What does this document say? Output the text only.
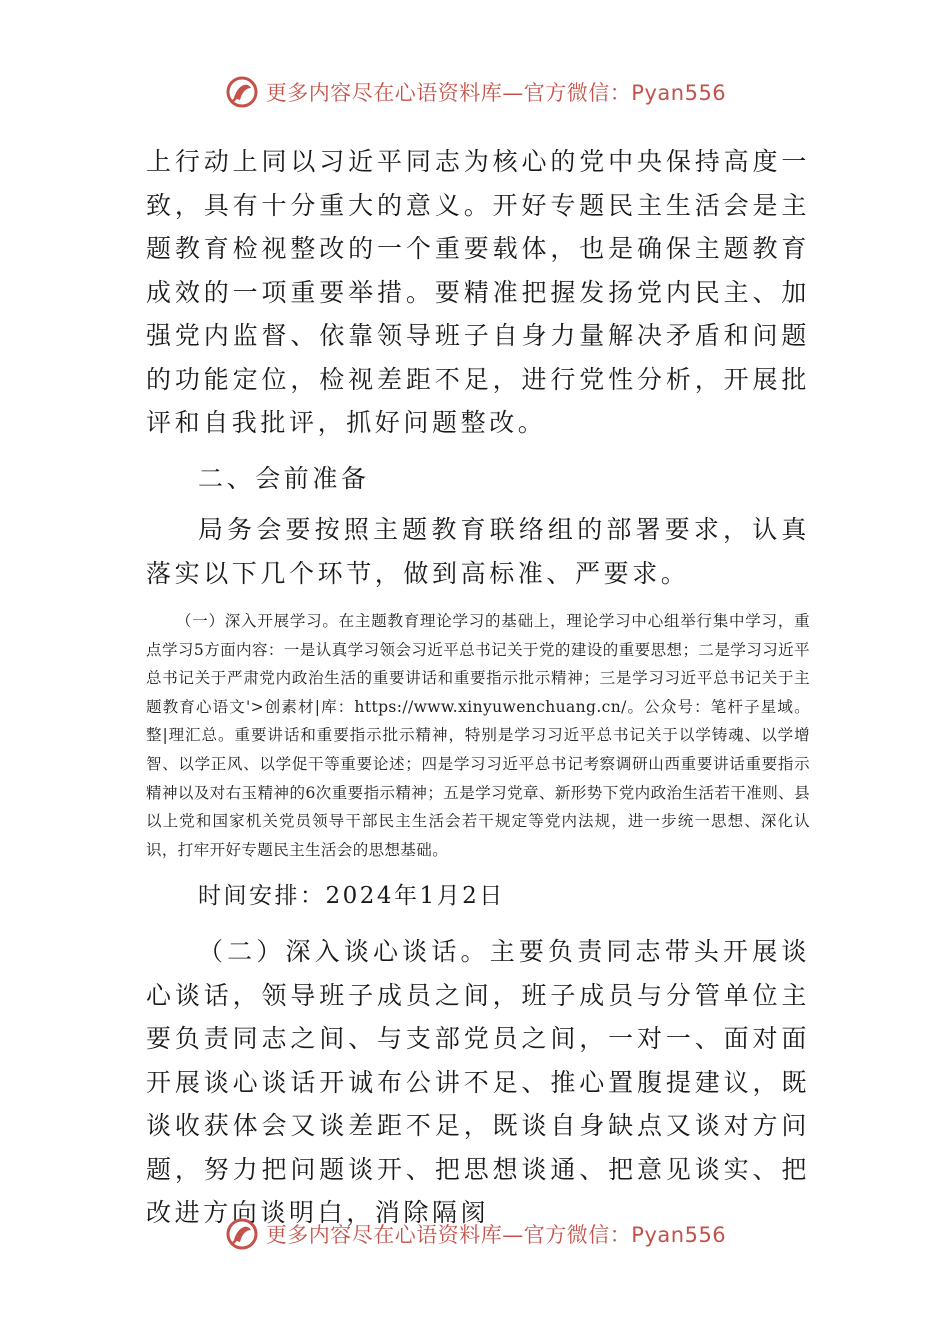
更多内容尽在心语资料库—官方微信：Pyan556

上行动上同以习近平同志为核心的党中央保持高度一致，具有十分重大的意义。开好专题民主生活会是主题教育检视整改的一个重要载体，也是确保主题教育成效的一项重要举措。要精准把握发扬党内民主、加强党内监督、依靠领导班子自身力量解决矛盾和问题的功能定位，检视差距不足，进行党性分析，开展批评和自我批评，抓好问题整改。

二、会前准备

局务会要按照主题教育联络组的部署要求，认真落实以下几个环节，做到高标准、严要求。

（一）深入开展学习。在主题教育理论学习的基础上，理论学习中心组举行集中学习，重点学习5方面内容：一是认真学习领会习近平总书记关于党的建设的重要思想；二是学习习近平总书记关于严肃党内政治生活的重要讲话和重要指示批示精神；三是学习习近平总书记关于主题教育心语文'>创素材|库：https://www.xinyuwenchuang.cn/。公众号：笔杆子星域。整|理汇总。重要讲话和重要指示批示精神，特别是学习习近平总书记关于以学铸魂、以学增智、以学正风、以学促干等重要论述；四是学习习近平总书记考察调研山西重要讲话重要指示精神以及对右玉精神的6次重要指示精神；五是学习党章、新形势下党内政治生活若干准则、县以上党和国家机关党员领导干部民主生活会若干规定等党内法规，进一步统一思想、深化认识，打牢开好专题民主生活会的思想基础。

时间安排：2024年1月2日

（二）深入谈心谈话。主要负责同志带头开展谈心谈话，领导班子成员之间，班子成员与分管单位主要负责同志之间、与支部党员之间，一对一、面对面开展谈心谈话开诚布公讲不足、推心置腹提建议，既谈收获体会又谈差距不足，既谈自身缺点又谈对方问题，努力把问题谈开、把思想谈通、把意见谈实、把改进方向谈明白，消除隔阂

更多内容尽在心语资料库—官方微信：Pyan556
